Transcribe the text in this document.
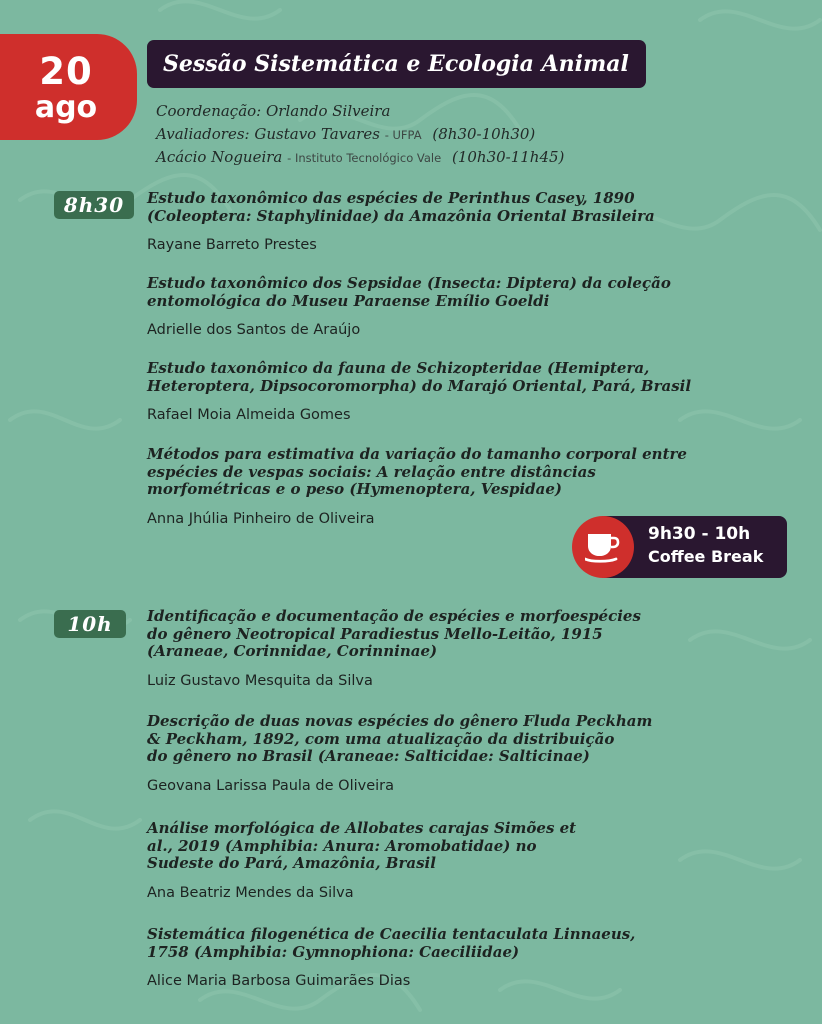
20
ago
Sessão Sistemática e Ecologia Animal
Coordenação: Orlando Silveira
Avaliadores: Gustavo Tavares - UFPA (8h30-10h30)
Acácio Nogueira - Instituto Tecnológico Vale (10h30-11h45)
8h30	Estudo taxonômico das espécies de Perinthus Casey, 1890
(Coleoptera: Staphylinidae) da Amazônia Oriental Brasileira
Rayane Barreto Prestes
Estudo taxonômico dos Sepsidae (Insecta: Diptera) da coleção
entomológica do Museu Paraense Emílio Goeldi
Adrielle dos Santos de Araújo
Estudo taxonômico da fauna de Schizopteridae (Hemiptera,
Heteroptera, Dipsocoromorpha) do Marajó Oriental, Pará, Brasil
Rafael Moia Almeida Gomes
Métodos para estimativa da variação do tamanho corporal entre
espécies de vespas sociais: A relação entre distâncias
morfométricas e o peso (Hymenoptera, Vespidae)
Anna Jhúlia Pinheiro de Oliveira
9h30 - 10h
Coffee Break
10h	Identificação e documentação de espécies e morfoespécies
do gênero Neotropical Paradiestus Mello-Leitão, 1915
(Araneae, Corinnidae, Corinninae)
Luiz Gustavo Mesquita da Silva
Descrição de duas novas espécies do gênero Fluda Peckham
& Peckham, 1892, com uma atualização da distribuição
do gênero no Brasil (Araneae: Salticidae: Salticinae)
Geovana Larissa Paula de Oliveira
Análise morfológica de Allobates carajas Simões et
al., 2019 (Amphibia: Anura: Aromobatidae) no
Sudeste do Pará, Amazônia, Brasil
Ana Beatriz Mendes da Silva
Sistemática filogenética de Caecilia tentaculata Linnaeus,
1758 (Amphibia: Gymnophiona: Caeciliidae)
Alice Maria Barbosa Guimarães Dias
